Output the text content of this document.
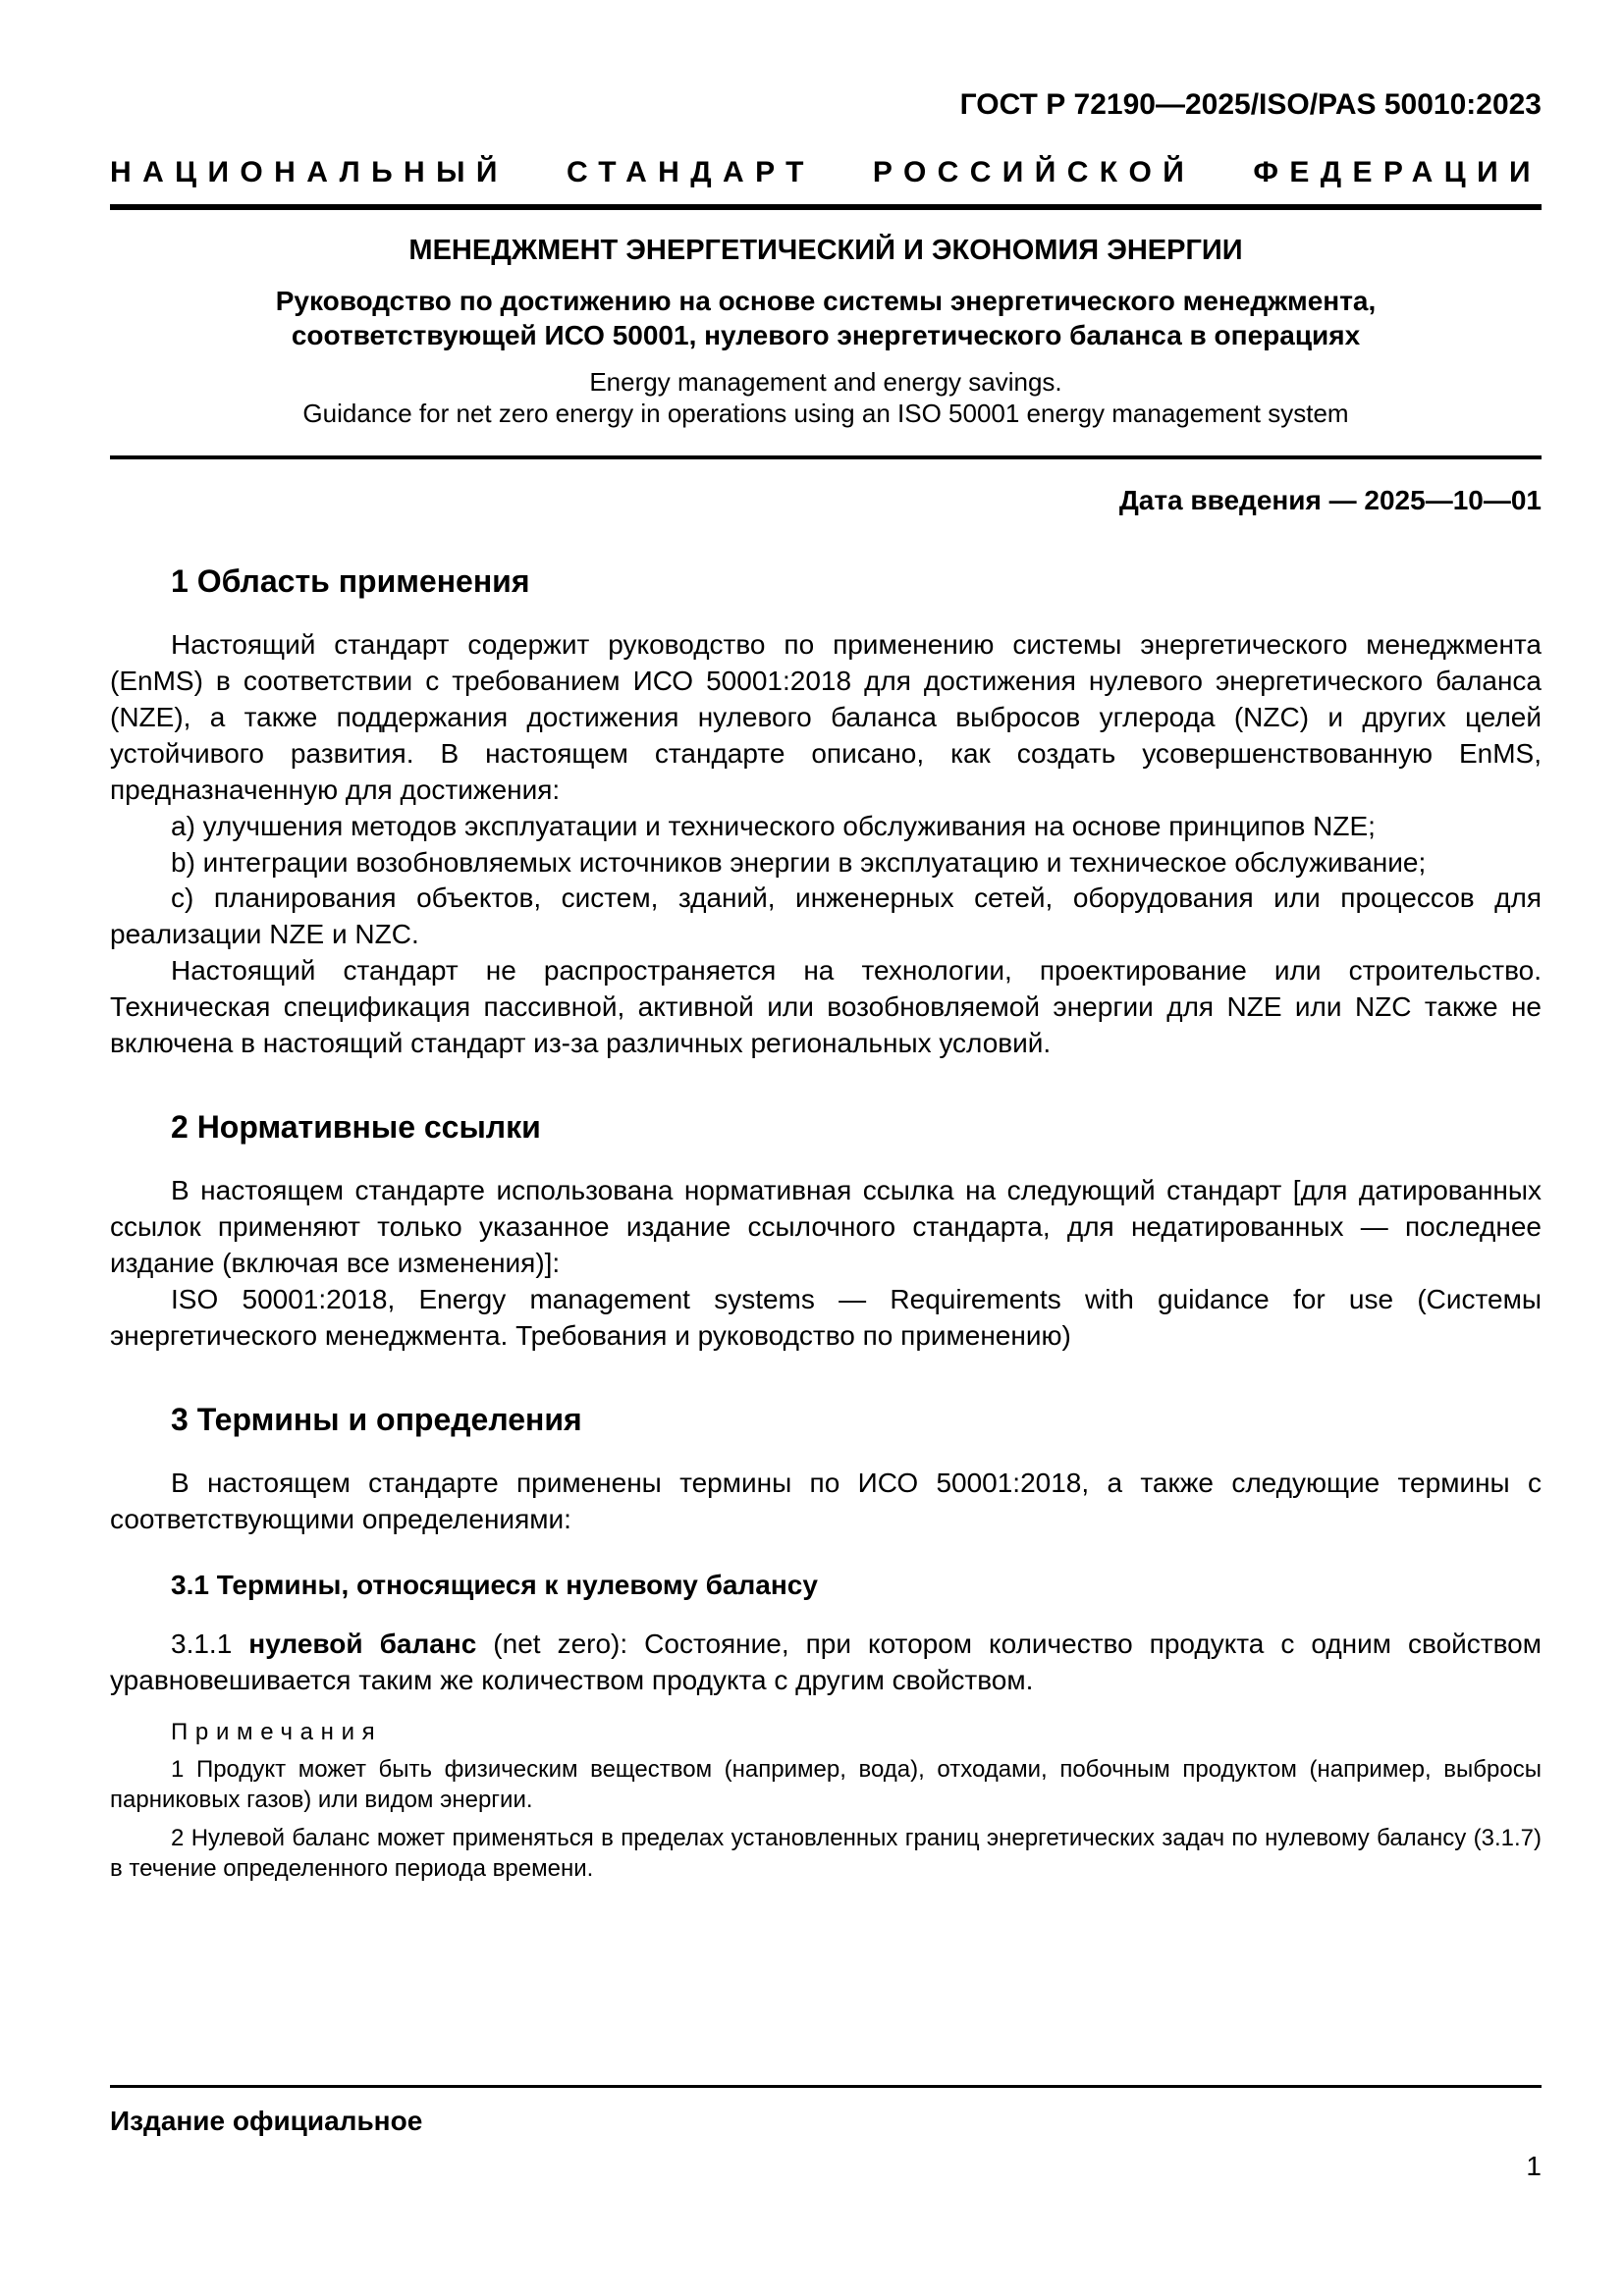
ГОСТ Р 72190—2025/ISO/PAS 50010:2023
НАЦИОНАЛЬНЫЙ СТАНДАРТ РОССИЙСКОЙ ФЕДЕРАЦИИ
МЕНЕДЖМЕНТ ЭНЕРГЕТИЧЕСКИЙ И ЭКОНОМИЯ ЭНЕРГИИ
Руководство по достижению на основе системы энергетического менеджмента,
соответствующей ИСО 50001, нулевого энергетического баланса в операциях
Energy management and energy savings.
Guidance for net zero energy in operations using an ISO 50001 energy management system
Дата введения — 2025—10—01
1 Область применения

Настоящий стандарт содержит руководство по применению системы энергетического менеджмента (EnMS) в соответствии с требованием ИСО 50001:2018 для достижения нулевого энергетического баланса (NZE), а также поддержания достижения нулевого баланса выбросов углерода (NZC) и других целей устойчивого развития. В настоящем стандарте описано, как создать усовершенствованную EnMS, предназначенную для достижения:

a) улучшения методов эксплуатации и технического обслуживания на основе принципов NZE;

b) интеграции возобновляемых источников энергии в эксплуатацию и техническое обслуживание;

c) планирования объектов, систем, зданий, инженерных сетей, оборудования или процессов для реализации NZE и NZC.

Настоящий стандарт не распространяется на технологии, проектирование или строительство. Техническая спецификация пассивной, активной или возобновляемой энергии для NZE или NZC также не включена в настоящий стандарт из-за различных региональных условий.

2 Нормативные ссылки

В настоящем стандарте использована нормативная ссылка на следующий стандарт [для датированных ссылок применяют только указанное издание ссылочного стандарта, для недатированных — последнее издание (включая все изменения)]:

ISO 50001:2018, Energy management systems — Requirements with guidance for use (Системы энергетического менеджмента. Требования и руководство по применению)

3 Термины и определения

В настоящем стандарте применены термины по ИСО 50001:2018, а также следующие термины с соответствующими определениями:

3.1 Термины, относящиеся к нулевому балансу

3.1.1 нулевой баланс (net zero): Состояние, при котором количество продукта с одним свойством уравновешивается таким же количеством продукта с другим свойством.

Примечания

1 Продукт может быть физическим веществом (например, вода), отходами, побочным продуктом (например, выбросы парниковых газов) или видом энергии.

2 Нулевой баланс может применяться в пределах установленных границ энергетических задач по нулевому балансу (3.1.7) в течение определенного периода времени.

Издание официальное
1
